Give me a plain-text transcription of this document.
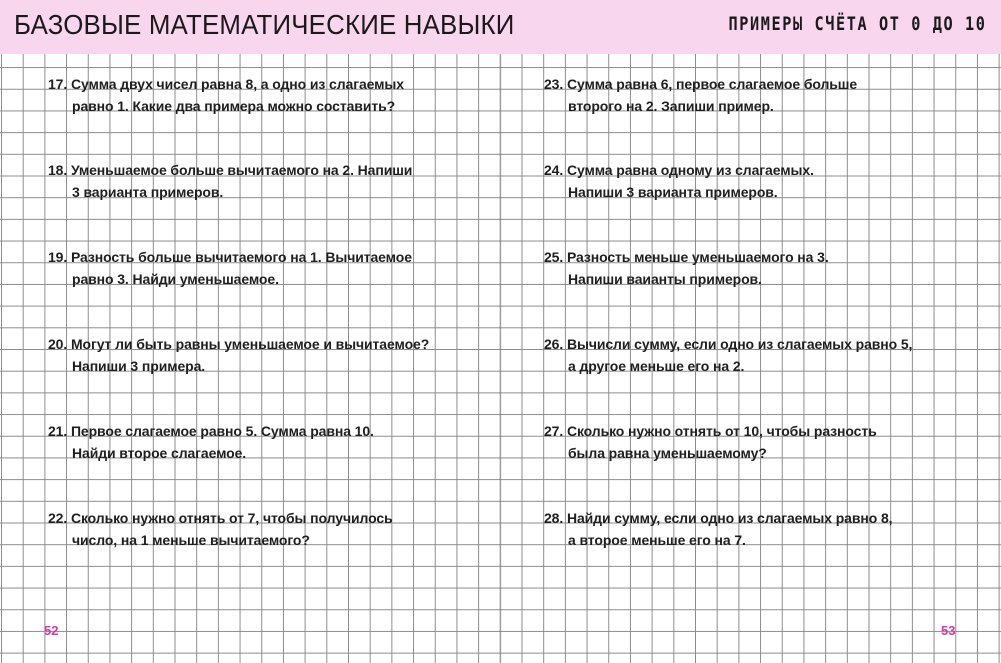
БАЗОВЫЕ МАТЕМАТИЧЕСКИЕ НАВЫКИ	ПРИМЕРЫ СЧЁТА ОТ 0 ДО 10
17. Сумма двух чисел равна 8, а одно из слагаемых
равно 1. Какие два примера можно составить?
18. Уменьшаемое больше вычитаемого на 2. Напиши
3 варианта примеров.
19. Разность больше вычитаемого на 1. Вычитаемое
равно 3. Найди уменьшаемое.
20. Могут ли быть равны уменьшаемое и вычитаемое?
Напиши 3 примера.
21. Первое слагаемое равно 5. Сумма равна 10.
Найди второе слагаемое.
22. Сколько нужно отнять от 7, чтобы получилось
число, на 1 меньше вычитаемого?
23. Сумма равна 6, первое слагаемое больше
второго на 2. Запиши пример.
24. Сумма равна одному из слагаемых.
Напиши 3 варианта примеров.
25. Разность меньше уменьшаемого на 3.
Напиши ваианты примеров.
26. Вычисли сумму, если одно из слагаемых равно 5,
а другое меньше его на 2.
27. Сколько нужно отнять от 10, чтобы разность
была равна уменьшаемому?
28. Найди сумму, если одно из слагаемых равно 8,
а второе меньше его на 7.
52	53
